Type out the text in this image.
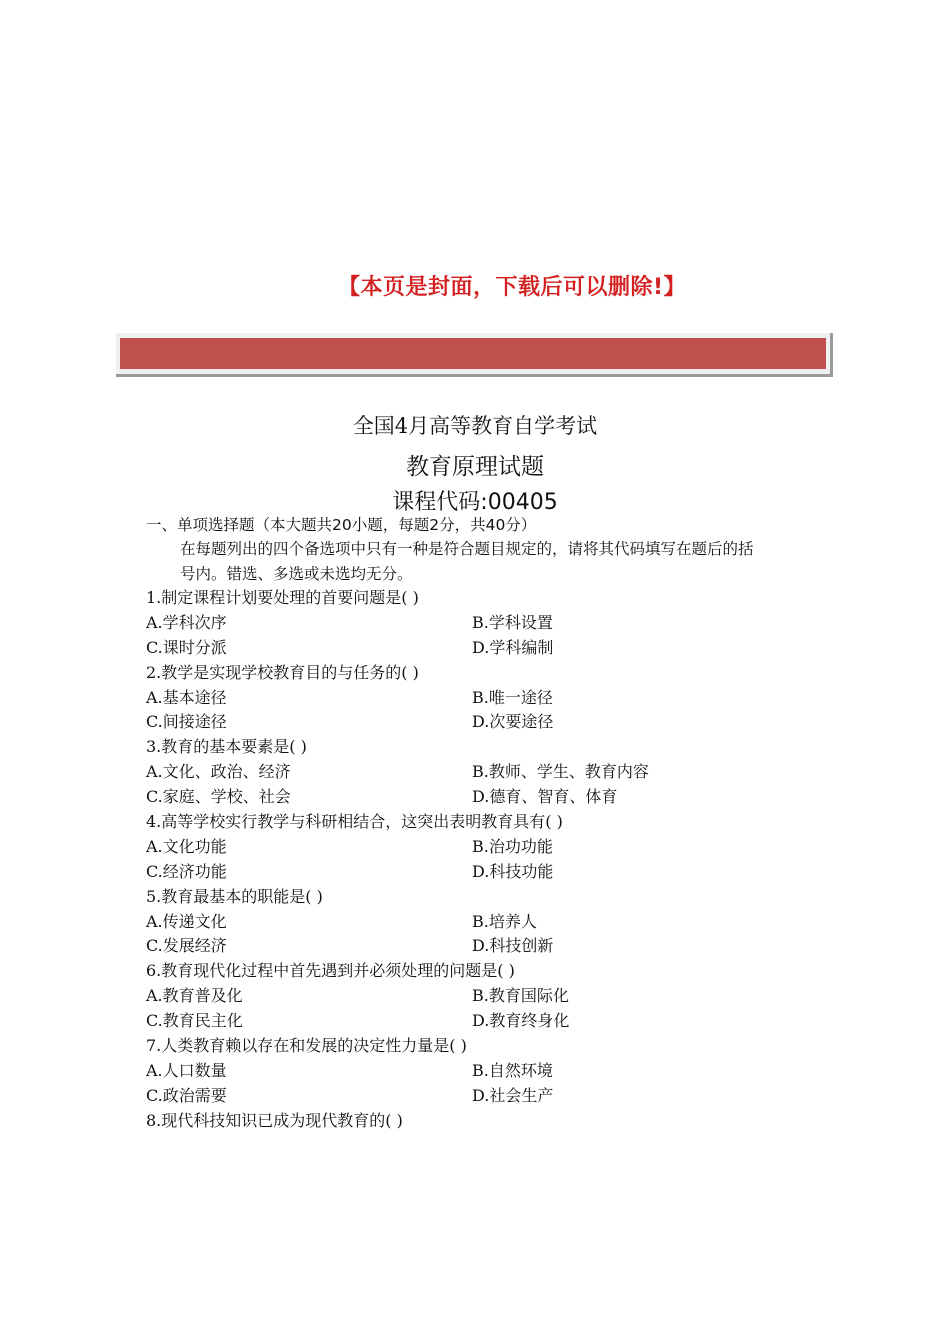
【本页是封面，下载后可以删除!】
全国4月高等教育自学考试
教育原理试题
课程代码:00405
一、单项选择题（本大题共20小题，每题2分，共40分）
在每题列出的四个备选项中只有一种是符合题目规定的，请将其代码填写在题后的括
号内。错选、多选或未选均无分。
1.制定课程计划要处理的首要问题是( )
A.学科次序	B.学科设置
C.课时分派	D.学科编制
2.教学是实现学校教育目的与任务的( )
A.基本途径	B.唯一途径
C.间接途径	D.次要途径
3.教育的基本要素是( )
A.文化、政治、经济	B.教师、学生、教育内容
C.家庭、学校、社会	D.德育、智育、体育
4.高等学校实行教学与科研相结合，这突出表明教育具有( )
A.文化功能	B.治功功能
C.经济功能	D.科技功能
5.教育最基本的职能是( )
A.传递文化	B.培养人
C.发展经济	D.科技创新
6.教育现代化过程中首先遇到并必须处理的问题是( )
A.教育普及化	B.教育国际化
C.教育民主化	D.教育终身化
7.人类教育赖以存在和发展的决定性力量是( )
A.人口数量	B.自然环境
C.政治需要	D.社会生产
8.现代科技知识已成为现代教育的( )
